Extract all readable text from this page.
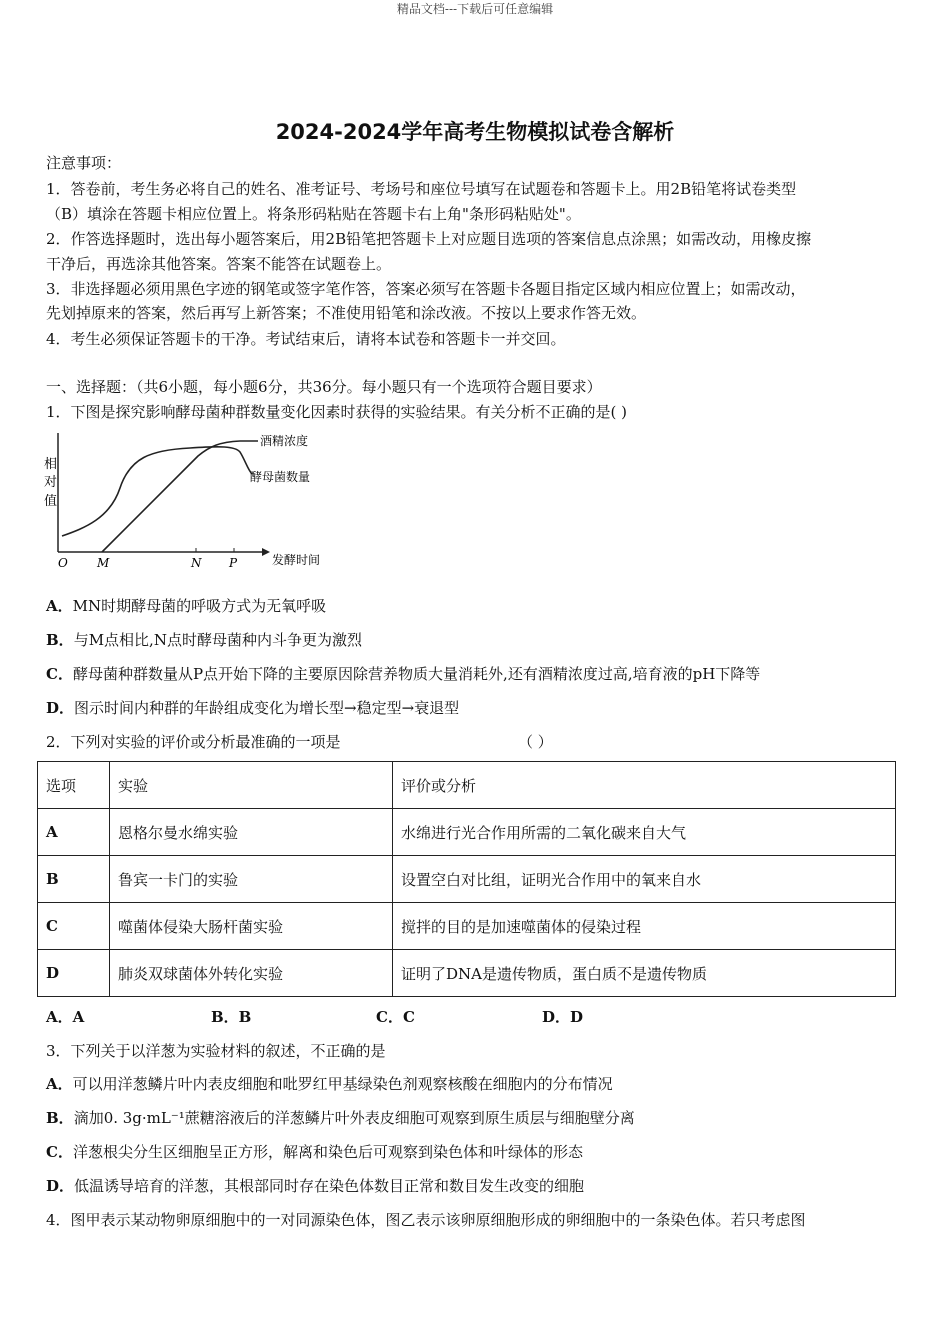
精品文档---下载后可任意编辑
2024-2024学年高考生物模拟试卷含解析
注意事项：
1．答卷前，考生务必将自己的姓名、准考证号、考场号和座位号填写在试题卷和答题卡上。用2B铅笔将试卷类型
（B）填涂在答题卡相应位置上。将条形码粘贴在答题卡右上角"条形码粘贴处"。
2．作答选择题时，选出每小题答案后，用2B铅笔把答题卡上对应题目选项的答案信息点涂黑；如需改动，用橡皮擦
干净后，再选涂其他答案。答案不能答在试题卷上。
3．非选择题必须用黑色字迹的钢笔或签字笔作答，答案必须写在答题卡各题目指定区域内相应位置上；如需改动，
先划掉原来的答案，然后再写上新答案；不准使用铅笔和涂改液。不按以上要求作答无效。
4．考生必须保证答题卡的干净。考试结束后，请将本试卷和答题卡一并交回。
一、选择题：（共6小题，每小题6分，共36分。每小题只有一个选项符合题目要求）
1．下图是探究影响酵母菌种群数量变化因素时获得的实验结果。有关分析不正确的是( )
相
对
值
酒精浓度
酵母菌数量
O M	N P	发酵时间
A．MN时期酵母菌的呼吸方式为无氧呼吸
B．与M点相比,N点时酵母菌种内斗争更为激烈
C．酵母菌种群数量从P点开始下降的主要原因除营养物质大量消耗外,还有酒精浓度过高,培育液的pH下降等
D．图示时间内种群的年龄组成变化为增长型→稳定型→衰退型
2．下列对实验的评价或分析最准确的一项是	（ ）
选项	实验	评价或分析
A	恩格尔曼水绵实验	水绵进行光合作用所需的二氧化碳来自大气
B	鲁宾一卡门的实验	设置空白对比组，证明光合作用中的氧来自水
C	噬菌体侵染大肠杆菌实验	搅拌的目的是加速噬菌体的侵染过程
D	肺炎双球菌体外转化实验	证明了DNA是遗传物质，蛋白质不是遗传物质
A．A	B．B	C．C	D．D
3．下列关于以洋葱为实验材料的叙述，不正确的是
A．可以用洋葱鳞片叶内表皮细胞和吡罗红甲基绿染色剂观察核酸在细胞内的分布情况
B．滴加0. 3g·mL⁻¹蔗糖溶液后的洋葱鳞片叶外表皮细胞可观察到原生质层与细胞壁分离
C．洋葱根尖分生区细胞呈正方形，解离和染色后可观察到染色体和叶绿体的形态
D．低温诱导培育的洋葱，其根部同时存在染色体数目正常和数目发生改变的细胞
4．图甲表示某动物卵原细胞中的一对同源染色体，图乙表示该卵原细胞形成的卵细胞中的一条染色体。若只考虑图
